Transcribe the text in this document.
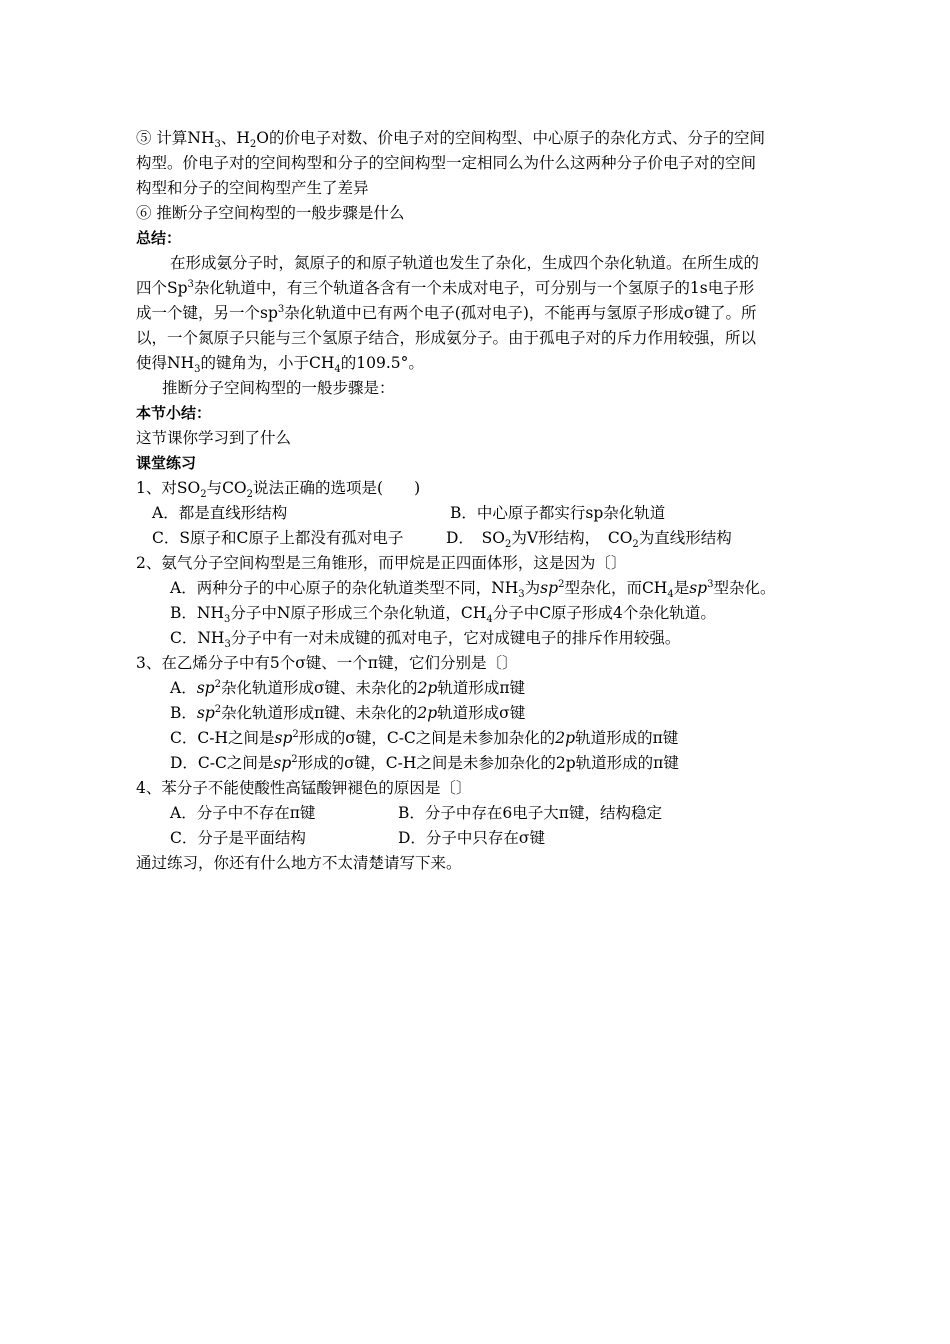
⑤ 计算$NH_3$、$H_2O$的价电子对数、价电子对的空间构型、中心原子的杂化方式、分子的空间
构型。价电子对的空间构型和分子的空间构型一定相同么为什么这两种分子价电子对的空间
构型和分子的空间构型产生了差异
⑥ 推断分子空间构型的一般步骤是什么
总结：
在形成氨分子时，氮原子的和原子轨道也发生了杂化，生成四个杂化轨道。在所生成的
四个Sp$^3$杂化轨道中，有三个轨道各含有一个未成对电子，可分别与一个氢原子的1s电子形
成一个键，另一个$sp^3$杂化轨道中已有两个电子(孤对电子)，不能再与氢原子形成σ键了。所
以，一个氮原子只能与三个氢原子结合，形成氨分子。由于孤电子对的斥力作用较强，所以
使得$NH_3$的键角为，小于$CH_4$的109.5°。
推断分子空间构型的一般步骤是：
本节小结：
这节课你学习到了什么
课堂练习
1、对$SO_2$与$CO_2$说法正确的选项是(　　)
A．都是直线形结构	B．中心原子都实行sp杂化轨道
C．S原子和C原子上都没有孤对电子	D．　$SO_2$为V形结构，　$CO_2$为直线形结构
2、氨气分子空间构型是三角锥形，而甲烷是正四面体形，这是因为〔〕
A．两种分子的中心原子的杂化轨道类型不同，$NH_3$为$sp^2$型杂化，而$CH_4$是$sp^3$型杂化。
B．$NH_3$分子中N原子形成三个杂化轨道，$CH_4$分子中C原子形成4个杂化轨道。
C．$NH_3$分子中有一对未成键的孤对电子，它对成键电子的排斥作用较强。
3、在乙烯分子中有5个σ键、一个π键，它们分别是〔〕
A．$sp^2$杂化轨道形成σ键、未杂化的2p轨道形成π键
B．$sp^2$杂化轨道形成π键、未杂化的2p轨道形成σ键
C．C-H之间是$sp^2$形成的σ键，C-C之间是未参加杂化的2p轨道形成的π键
D．C-C之间是$sp^2$形成的σ键，C-H之间是未参加杂化的2p轨道形成的π键
4、苯分子不能使酸性高锰酸钾褪色的原因是〔〕
A．分子中不存在π键	B．分子中存在6电子大π键，结构稳定
C．分子是平面结构	D．分子中只存在σ键
通过练习，你还有什么地方不太清楚请写下来。
